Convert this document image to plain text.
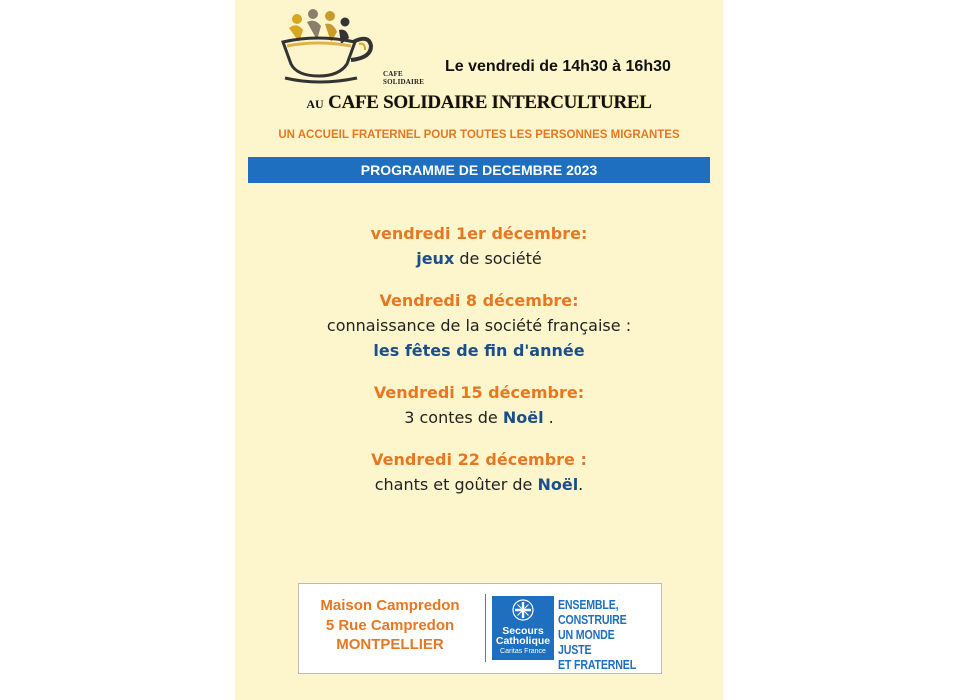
CAFE
SOLIDAIRE
Le vendredi de 14h30 à 16h30
AU CAFE SOLIDAIRE INTERCULTUREL
UN ACCUEIL FRATERNEL POUR TOUTES LES PERSONNES MIGRANTES
PROGRAMME DE DECEMBRE 2023
vendredi 1er décembre:
jeux de société
Vendredi 8 décembre:
connaissance de la société française :
les fêtes de fin d'année
Vendredi 15 décembre:
3 contes de Noël .
Vendredi 22 décembre :
chants et goûter de Noël.
Maison Campredon
5 Rue Campredon
MONTPELLIER
Secours
Catholique
Caritas France
ENSEMBLE,
CONSTRUIRE
UN MONDE JUSTE
ET FRATERNEL
